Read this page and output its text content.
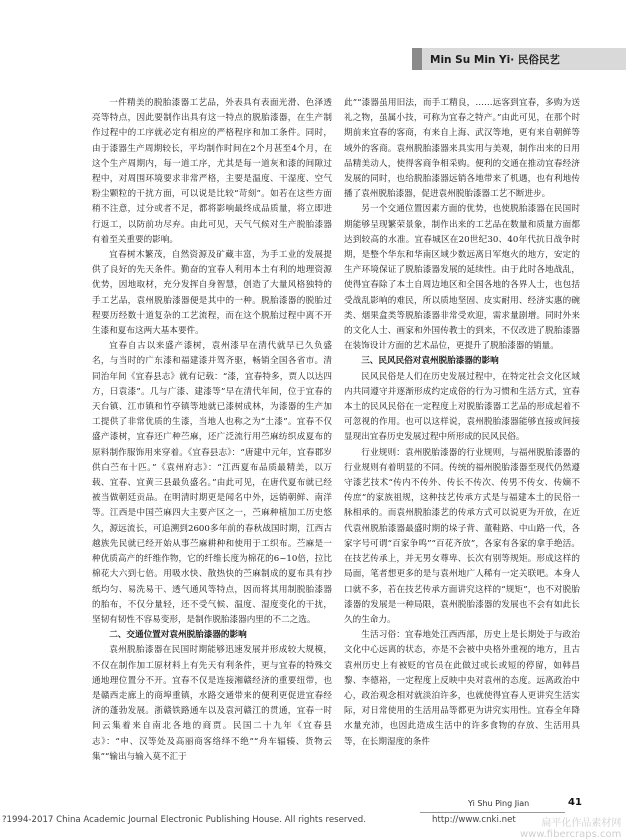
Min Su Min Yi· 民俗民艺

一件精美的脱胎漆器工艺品，外表具有表面光滑、色泽透亮等特点，因此要制作出具有这一特点的脱胎漆器，在生产制作过程中的工序就必定有相应的严格程序和加工条件。同时，由于漆器生产周期较长，平均制作时间在2个月甚至4个月，在这个生产周期内，每一道工序，尤其是每一道灰和漆的间隙过程中，对周围环境要求非常严格，主要是温度、干湿度、空气粉尘颗粒的干扰方面，可以说是比较“苛刻”。如若在这些方面稍不注意，过分或者不足，都将影响最终成品质量，将立即进行返工，以防前功尽弃。由此可见，天气气候对生产脱胎漆器有着至关重要的影响。

宜春树木繁茂，自然资源及矿藏丰富，为手工业的发展提供了良好的先天条件。勤奋的宜春人利用本土有利的地理资源优势，因地取材，充分发挥自身智慧，创造了大量风格独特的手工艺品，袁州脱胎漆器便是其中的一种。脱胎漆器的脱胎过程要历经数十道复杂的工艺流程，而在这个脱胎过程中离不开生漆和夏布这两大基本要件。

宜春自古以来盛产漆树，袁州漆早在清代就早已久负盛名，与当时的广东漆和福建漆并驾齐驱，畅销全国各省市。清同治年间《宜春县志》就有记载：“漆，宜春特多，贾人以达四方，曰袁漆”。几与广漆、建漆等”早在清代年间，位于宜春的天台镇、江市镇和竹亭镇等地就已漆树成林，为漆器的生产加工提供了非常优质的生漆，当地人也称之为“土漆”。宜春不仅盛产漆树，宜春还广种苎麻，还广泛流行用苎麻纺织成夏布的原料制作服饰用来穿着。《宜春县志》：“唐建中元年，宜春郡岁供白苎布十匹。”《袁州府志》：“江西夏布品质最精美，以万载、宜春、宜黄三县最负盛名。”由此可见，在唐代夏布就已经被当做朝廷贡品。在明清时期更是闻名中外，远销朝鲜、南洋等。江西是中国苎麻四大主要产区之一，苎麻种植加工历史悠久，源远流长，可追溯到2600多年前的春秋战国时期，江西古越族先民就已经开始从事苎麻耕种和使用于工织布。苎麻是一种优质高产的纤维作物，它的纤维长度为棉花的6~10倍，拉比棉花大六到七倍。用吸水快、散热快的苎麻制成的夏布具有抄纸均匀、易洗易干、透气通风等特点，因而将其用制脱胎漆器的胎布，不仅分量轻，还不受气候、温度、湿度变化的干扰，坚韧有韧性不容易变形，是制作脱胎漆器内里的不二之选。

二、交通位置对袁州脱胎漆器的影响

袁州脱胎漆器在民国时期能够迅速发展并形成较大规模，不仅在制作加工原材料上有先天有利条件，更与宜春的特殊交通地理位置分不开。宜春不仅是连接湘赣经济的重要纽带，也是赣西走廊上的商埠重镇，水路交通带来的便利更促进宜春经济的蓬勃发展。浙赣铁路通车以及袁河赣江的贯通，宜春一时间云集着来自南北各地的商贾。民国二十九年《宜春县志》：“申、汉等处及高丽商客络绎不绝”“舟车辐辏、货物云集”“输出与输入莫不汇于

此”“漆器虽用旧法，而手工精良，……远客到宜春，多购为送礼之物，虽属小技，可称为宜春之特产。”由此可见，在那个时期前来宜春的客商，有来自上海、武汉等地，更有来自朝鲜等域外的客商。袁州脱胎漆器来具实用与美观，制作出来的日用品精美动人，使得客商争相采购。便利的交通在推动宜春经济发展的同时，也给脱胎漆器远销各地带来了机遇，也有利地传播了袁州脱胎漆器，促进袁州脱胎漆器工艺不断进步。

另一个交通位置因素方面的优势，也使脱胎漆器在民国时期能够呈现繁荣景象，制作出来的工艺品在数量和质量方面都达到较高的水准。宜春城区在20世纪30、40年代抗日战争时期，是整个华东和华南区域少数远离日军炮火的地方，安定的生产环境保证了脱胎漆器发展的延续性。由于此时各地战乱，使得宜春除了本土自周边地区和全国各地的各界人士，也包括受战乱影响的难民，所以质地坚固、皮实耐用、经济实惠的碗类、烟果盒类等脱胎漆器非常受欢迎，需求量剧增。同时外来的文化人士、画家和外国传教士的到来，不仅改进了脱胎漆器在装饰设计方面的艺术品位，更提升了脱胎漆器的销量。

三、民风民俗对袁州脱胎漆器的影响

民风民俗是人们在历史发展过程中，在特定社会文化区域内共同遵守并逐渐形成约定成俗的行为习惯和生活方式，宜春本土的民风民俗在一定程度上对脱胎漆器工艺品的形成起着不可忽视的作用。也可以这样说，袁州脱胎漆器能够直接或间接显现出宜春历史发展过程中所形成的民风民俗。

行业规则：袁州脱胎漆器的行业规则，与福州脱胎漆器的行业规则有着明显的不同。传统的福州脱胎漆器至现代仍然遵守漆艺技术“传内不传外、传长不传次、传男不传女、传嫡不传庶”的家族祖规，这种技艺传承方式是与福建本土的民俗一脉相承的。而袁州脱胎漆艺的传承方式可以说更为开放，在近代袁州脱胎漆器最盛时期的垛子背、董鞋路、中山路一代，各家字号可谓“百家争鸣”“百花齐放”，各家有各家的拿手绝活。在技艺传承上，并无男女尊卑、长次有别等规矩。形成这样的局面，笔者想更多的是与袁州地广人稀有一定关联吧。本身人口就不多，若在技艺传承方面讲究这样的“规矩”，也不对脱胎漆器的发展是一种局限，袁州脱胎漆器的发展也不会有如此长久的生命力。

生活习俗：宜春地处江西西部，历史上是长期处于与政治文化中心远离的状态，亦是不会被中央格外重视的地方，且古袁州历史上有被贬的官员在此做过或长或短的停留，如韩昌黎、李德裕，一定程度上反映中央对袁州的态度。远离政治中心，政治观念相对就淡泊许多，也就使得宜春人更讲究生活实际，对日常使用的生活用品等都更为讲究实用性。宜春全年降水量充沛，也因此造成生活中的许多食物的存放、生活用具等，在长期湿度的条件

Yi Shu Ping Jian	41
?1994-2017 China Academic Journal Electronic Publishing House. All rights reserved.	http://www.cnki.net	扁平化作品素材网
www.fibercraps.com
